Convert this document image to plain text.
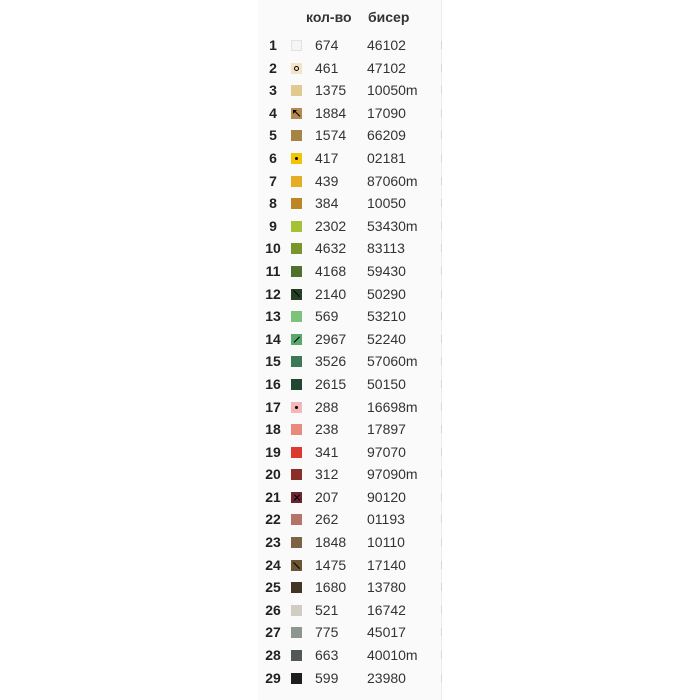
кол-во бисер
1	674 46102
2	461 47102
3	1375 10050m
4	1884 17090
5	1574 66209
6	417 02181
7	439 87060m
8	384 10050
9	2302 53430m
10	4632 83113
11	4168 59430
12	2140 50290
13	569 53210
14	2967 52240
15	3526 57060m
16	2615 50150
17	288 16698m
18	238 17897
19	341 97070
20	312 97090m
21	207 90120
22	262 01193
23	1848 10110
24	1475 17140
25	1680 13780
26	521 16742
27	775 45017
28	663 40010m
29	599 23980
